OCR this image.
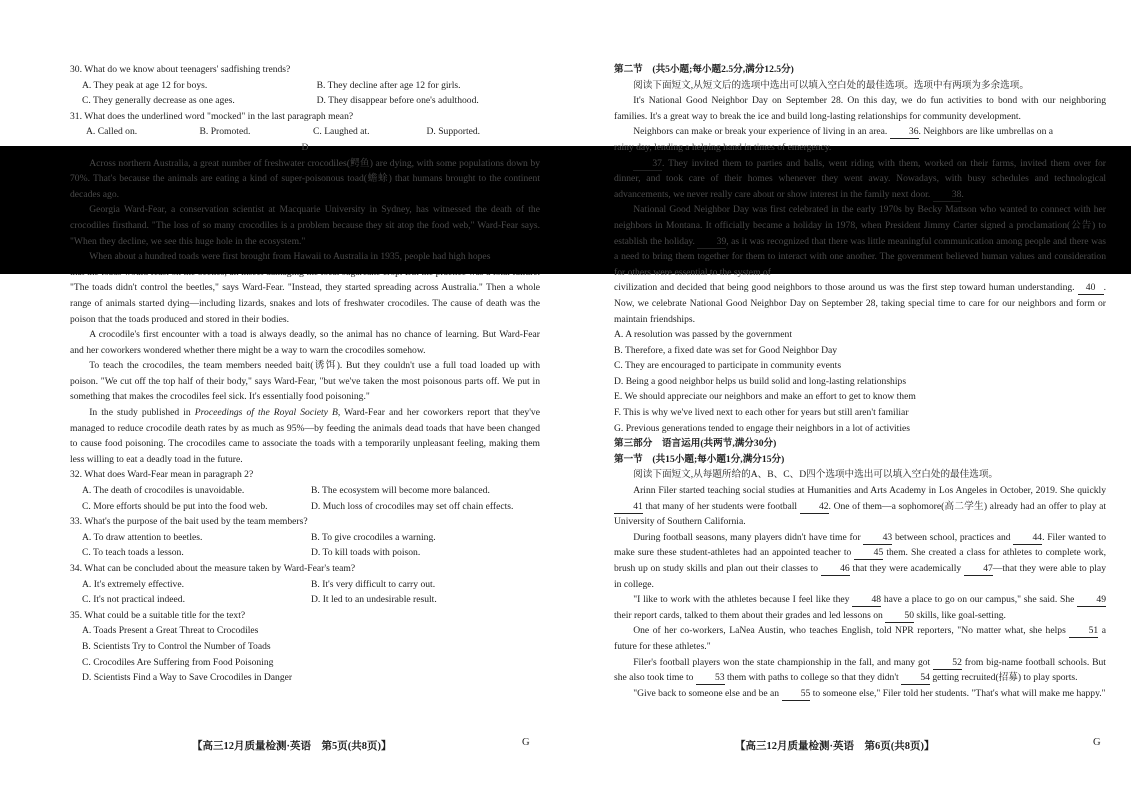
30. What do we know about teenagers' sadfishing trends?

A. They peak at age 12 for boys.	B. They decline after age 12 for girls.
C. They generally decrease as one ages.	D. They disappear before one's adulthood.

31. What does the underlined word "mocked" in the last paragraph mean?

A. Called on.	B. Promoted.	C. Laughed at.	D. Supported.

D

Across northern Australia, a great number of freshwater crocodiles(鳄鱼) are dying, with some populations down by 70%. That's because the animals are eating a kind of super-poisonous toad(蟾蜍) that humans brought to the continent decades ago.

Georgia Ward-Fear, a conservation scientist at Macquarie University in Sydney, has witnessed the death of the crocodiles firsthand. "The loss of so many crocodiles is a problem because they sit atop the food web," Ward-Fear says. "When they decline, we see this huge hole in the ecosystem."

When about a hundred toads were first brought from Hawaii to Australia in 1935, people had high hopes

"The toads didn't control the beetles," says Ward-Fear. "Instead, they started spreading across Australia." Then a whole range of animals started dying—including lizards, snakes and lots of freshwater crocodiles. The cause of death was the poison that the toads produced and stored in their bodies.

A crocodile's first encounter with a toad is always deadly, so the animal has no chance of learning. But Ward-Fear and her coworkers wondered whether there might be a way to warn the crocodiles somehow.

To teach the crocodiles, the team members needed bait(诱饵). But they couldn't use a full toad loaded up with poison. "We cut off the top half of their body," says Ward-Fear, "but we've taken the most poisonous parts off. We put in something that makes the crocodiles feel sick. It's essentially food poisoning."

In the study published in Proceedings of the Royal Society B, Ward-Fear and her coworkers report that they've managed to reduce crocodile death rates by as much as 95%—by feeding the animals dead toads that have been changed to cause food poisoning. The crocodiles came to associate the toads with a temporarily unpleasant feeling, making them less willing to eat a deadly toad in the future.

32. What does Ward-Fear mean in paragraph 2?

A. The death of crocodiles is unavoidable.	B. The ecosystem will become more balanced.
C. More efforts should be put into the food web.	D. Much loss of crocodiles may set off chain effects.

33. What's the purpose of the bait used by the team members?

A. To draw attention to beetles.	B. To give crocodiles a warning.
C. To teach toads a lesson.	D. To kill toads with poison.

34. What can be concluded about the measure taken by Ward-Fear's team?

A. It's extremely effective.	B. It's very difficult to carry out.
C. It's not practical indeed.	D. It led to an undesirable result.

35. What could be a suitable title for the text?

A. Toads Present a Great Threat to Crocodiles
B. Scientists Try to Control the Number of Toads
C. Crocodiles Are Suffering from Food Poisoning
D. Scientists Find a Way to Save Crocodiles in Danger
【高三12月质量检测·英语　第5页(共8页)】	G

第二节　(共5小题;每小题2.5分,满分12.5分)

阅读下面短文,从短文后的选项中选出可以填入空白处的最佳选项。选项中有两项为多余选项。

It's National Good Neighbor Day on September 28. On this day, we do fun activities to bond with our neighboring families. It's a great way to break the ice and build long-lasting relationships for community development.

Neighbors can make or break your experience of living in an area. 36. Neighbors are like umbrellas on a

rainy day, lending a helping hand in times of emergency.

37. They invited them to parties and balls, went riding with them, worked on their farms, invited them over for dinner, and took care of their homes whenever they went away. Nowadays, with busy schedules and technological advancements, we never really care about or show interest in the family next door. 38.

National Good Neighbor Day was first celebrated in the early 1970s by Becky Mattson who wanted to connect with her neighbors in Montana. It officially became a holiday in 1978, when President Jimmy Carter signed a proclamation(公告) to establish the holiday. 39, as it was recognized that there was little meaningful communication among people and there was a need to bring them together for them to interact with one another. The government believed human values and consideration for others were essential to the system of

civilization and decided that being good neighbors to those around us was the first step toward human understanding. 40 . Now, we celebrate National Good Neighbor Day on September 28, taking special time to care for our neighbors and form or maintain friendships.

A. A resolution was passed by the government
B. Therefore, a fixed date was set for Good Neighbor Day
C. They are encouraged to participate in community events
D. Being a good neighbor helps us build solid and long-lasting relationships
E. We should appreciate our neighbors and make an effort to get to know them
F. This is why we've lived next to each other for years but still aren't familiar
G. Previous generations tended to engage their neighbors in a lot of activities

第三部分　语言运用(共两节,满分30分)

第一节　(共15小题;每小题1分,满分15分)

阅读下面短文,从每题所给的A、B、C、D四个选项中选出可以填入空白处的最佳选项。

Arinn Filer started teaching social studies at Humanities and Arts Academy in Los Angeles in October, 2019. She quickly 41 that many of her students were football 42. One of them—a sophomore(高二学生) already had an offer to play at University of Southern California.

During football seasons, many players didn't have time for 43 between school, practices and 44. Filer wanted to make sure these student-athletes had an appointed teacher to 45 them. She created a class for athletes to complete work, brush up on study skills and plan out their classes to 46 that they were academically 47—that they were able to play in college.

"I like to work with the athletes because I feel like they 48 have a place to go on our campus," she said. She 49 their report cards, talked to them about their grades and led lessons on 50 skills, like goal-setting.

One of her co-workers, LaNea Austin, who teaches English, told NPR reporters, "No matter what, she helps 51 a future for these athletes."

Filer's football players won the state championship in the fall, and many got 52 from big-name football schools. But she also took time to 53 them with paths to college so that they didn't 54 getting recruited(招募) to play sports.

"Give back to someone else and be an 55 to someone else," Filer told her students. "That's what will make me happy."

【高三12月质量检测·英语　第6页(共8页)】	G
